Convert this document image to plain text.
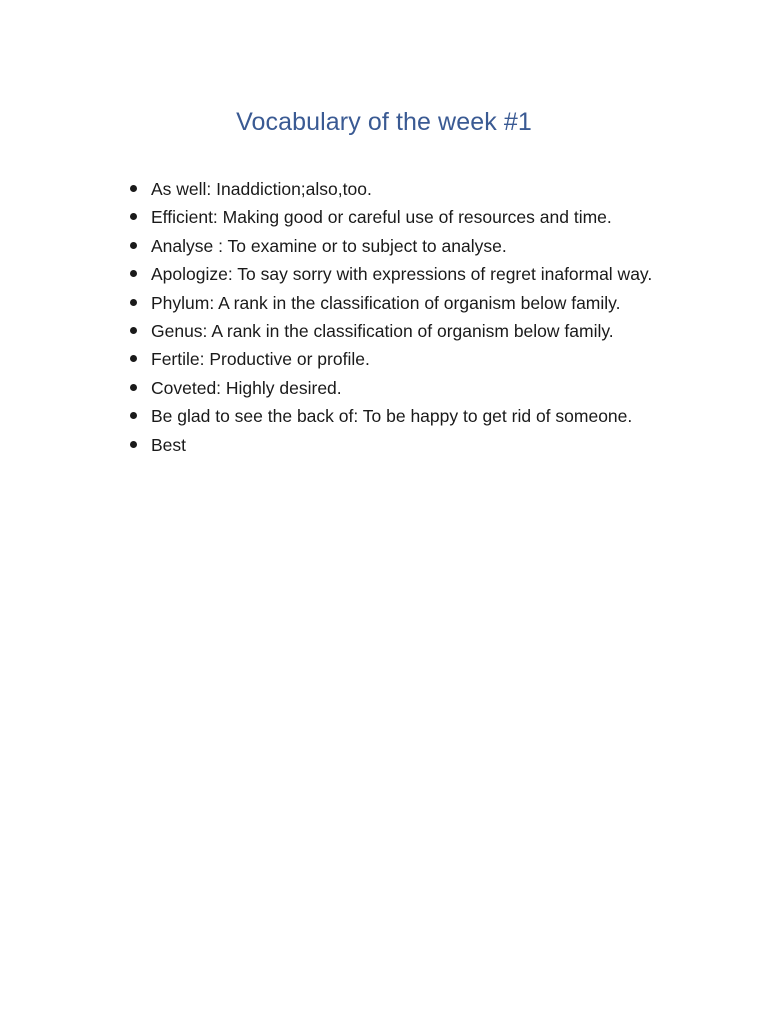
Vocabulary of the week #1
As well: Inaddiction;also,too.
Efficient: Making good or careful use of resources and time.
Analyse : To examine or to subject to analyse.
Apologize: To say sorry with expressions of regret inaformal way.
Phylum: A rank in the classification of organism below family.
Genus: A rank in the classification of organism below family.
Fertile: Productive or profile.
Coveted: Highly desired.
Be glad to see the back of: To be happy to get rid of someone.
Best
